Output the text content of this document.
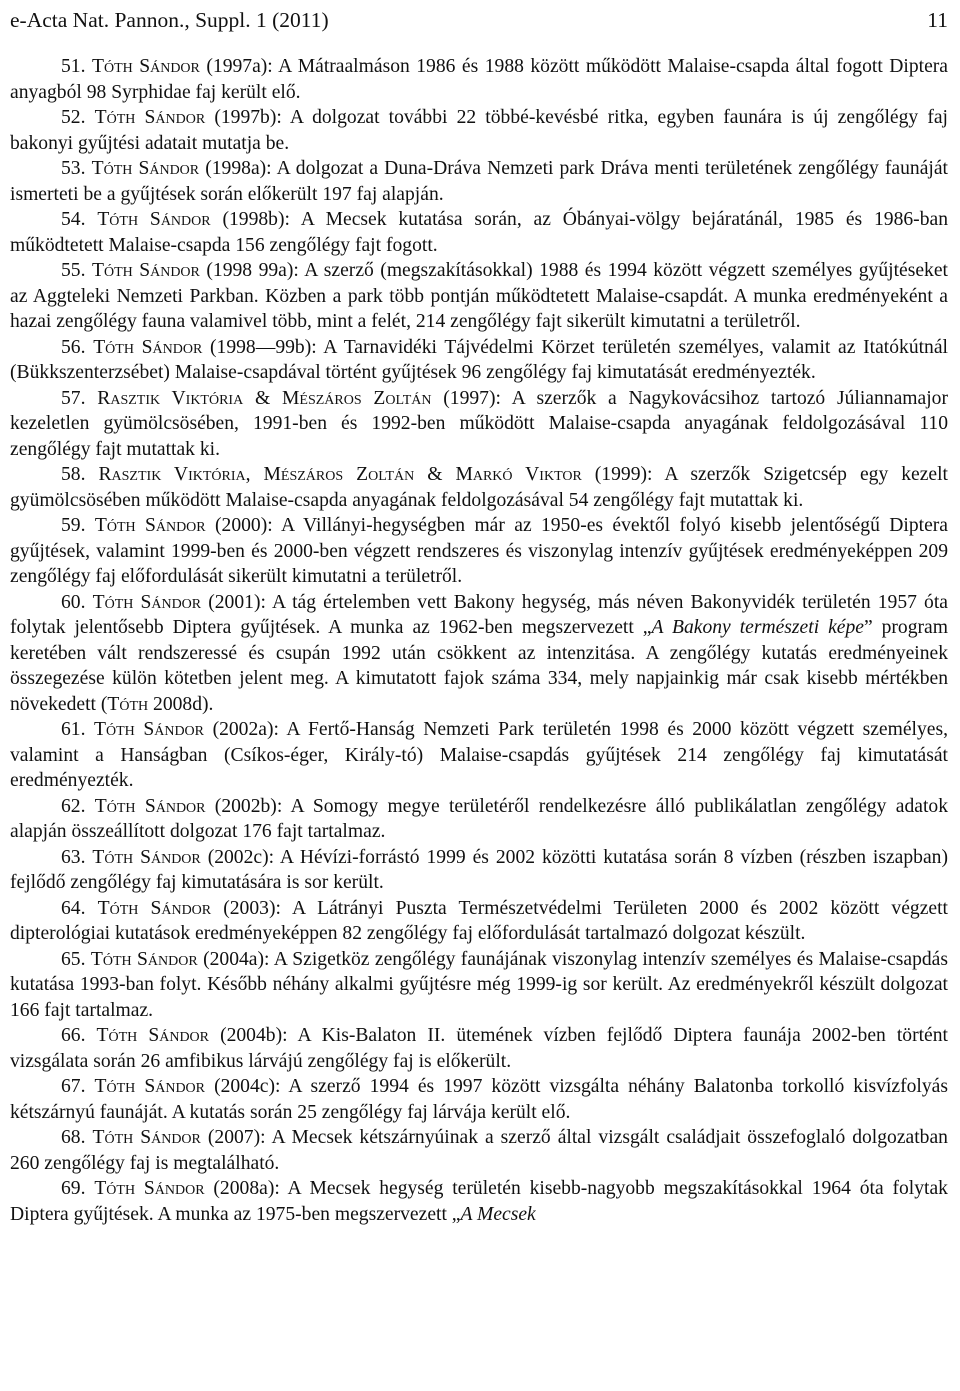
e-Acta Nat. Pannon., Suppl. 1 (2011)	11

51. Tóth Sándor (1997a): A Mátraalmáson 1986 és 1988 között működött Malaise-csapda által fogott Diptera anyagból 98 Syrphidae faj került elő.

52. Tóth Sándor (1997b): A dolgozat további 22 többé-kevésbé ritka, egyben faunára is új zengőlégy faj bakonyi gyűjtési adatait mutatja be.

53. Tóth Sándor (1998a): A dolgozat a Duna-Dráva Nemzeti park Dráva menti területének zengőlégy faunáját ismerteti be a gyűjtések során előkerült 197 faj alapján.

54. Tóth Sándor (1998b): A Mecsek kutatása során, az Óbányai-völgy bejáratánál, 1985 és 1986-ban működtetett Malaise-csapda 156 zengőlégy fajt fogott.

55. Tóth Sándor (1998 99a): A szerző (megszakításokkal) 1988 és 1994 között végzett személyes gyűjtéseket az Aggteleki Nemzeti Parkban. Közben a park több pontján működtetett Malaise-csapdát. A munka eredményeként a hazai zengőlégy fauna valamivel több, mint a felét, 214 zengőlégy fajt sikerült kimutatni a területről.

56. Tóth Sándor (1998—99b): A Tarnavidéki Tájvédelmi Körzet területén személyes, valamit az Itatókútnál (Bükkszenterzsébet) Malaise-csapdával történt gyűjtések 96 zengőlégy faj kimutatását eredményezték.

57. Rasztik Viktória & Mészáros Zoltán (1997): A szerzők a Nagykovácsihoz tartozó Júliannamajor kezeletlen gyümölcsösében, 1991-ben és 1992-ben működött Malaise-csapda anyagának feldolgozásával 110 zengőlégy fajt mutattak ki.

58. Rasztik Viktória, Mészáros Zoltán & Markó Viktor (1999): A szerzők Szigetcsép egy kezelt gyümölcsösében működött Malaise-csapda anyagának feldolgozásával 54 zengőlégy fajt mutattak ki.

59. Tóth Sándor (2000): A Villányi-hegységben már az 1950-es évektől folyó kisebb jelentőségű Diptera gyűjtések, valamint 1999-ben és 2000-ben végzett rendszeres és viszonylag intenzív gyűjtések eredményeképpen 209 zengőlégy faj előfordulását sikerült kimutatni a területről.

60. Tóth Sándor (2001): A tág értelemben vett Bakony hegység, más néven Bakonyvidék területén 1957 óta folytak jelentősebb Diptera gyűjtések. A munka az 1962-ben megszervezett „A Bakony természeti képe” program keretében vált rendszeressé és csupán 1992 után csökkent az intenzitása. A zengőlégy kutatás eredményeinek összegezése külön kötetben jelent meg. A kimutatott fajok száma 334, mely napjainkig már csak kisebb mértékben növekedett (Tóth 2008d).

61. Tóth Sándor (2002a): A Fertő-Hanság Nemzeti Park területén 1998 és 2000 között végzett személyes, valamint a Hanságban (Csíkos-éger, Király-tó) Malaise-csapdás gyűjtések 214 zengőlégy faj kimutatását eredményezték.

62. Tóth Sándor (2002b): A Somogy megye területéről rendelkezésre álló publikálatlan zengőlégy adatok alapján összeállított dolgozat 176 fajt tartalmaz.

63. Tóth Sándor (2002c): A Hévízi-forrástó 1999 és 2002 közötti kutatása során 8 vízben (részben iszapban) fejlődő zengőlégy faj kimutatására is sor került.

64. Tóth Sándor (2003): A Látrányi Puszta Természetvédelmi Területen 2000 és 2002 között végzett dipterológiai kutatások eredményeképpen 82 zengőlégy faj előfordulását tartalmazó dolgozat készült.

65. Tóth Sándor (2004a): A Szigetköz zengőlégy faunájának viszonylag intenzív személyes és Malaise-csapdás kutatása 1993-ban folyt. Később néhány alkalmi gyűjtésre még 1999-ig sor került. Az eredményekről készült dolgozat 166 fajt tartalmaz.

66. Tóth Sándor (2004b): A Kis-Balaton II. ütemének vízben fejlődő Diptera faunája 2002-ben történt vizsgálata során 26 amfibikus lárvájú zengőlégy faj is előkerült.

67. Tóth Sándor (2004c): A szerző 1994 és 1997 között vizsgálta néhány Balatonba torkolló kisvízfolyás kétszárnyú faunáját. A kutatás során 25 zengőlégy faj lárvája került elő.

68. Tóth Sándor (2007): A Mecsek kétszárnyúinak a szerző által vizsgált családjait összefoglaló dolgozatban 260 zengőlégy faj is megtalálható.

69. Tóth Sándor (2008a): A Mecsek hegység területén kisebb-nagyobb megszakításokkal 1964 óta folytak Diptera gyűjtések. A munka az 1975-ben megszervezett „A Mecsek
